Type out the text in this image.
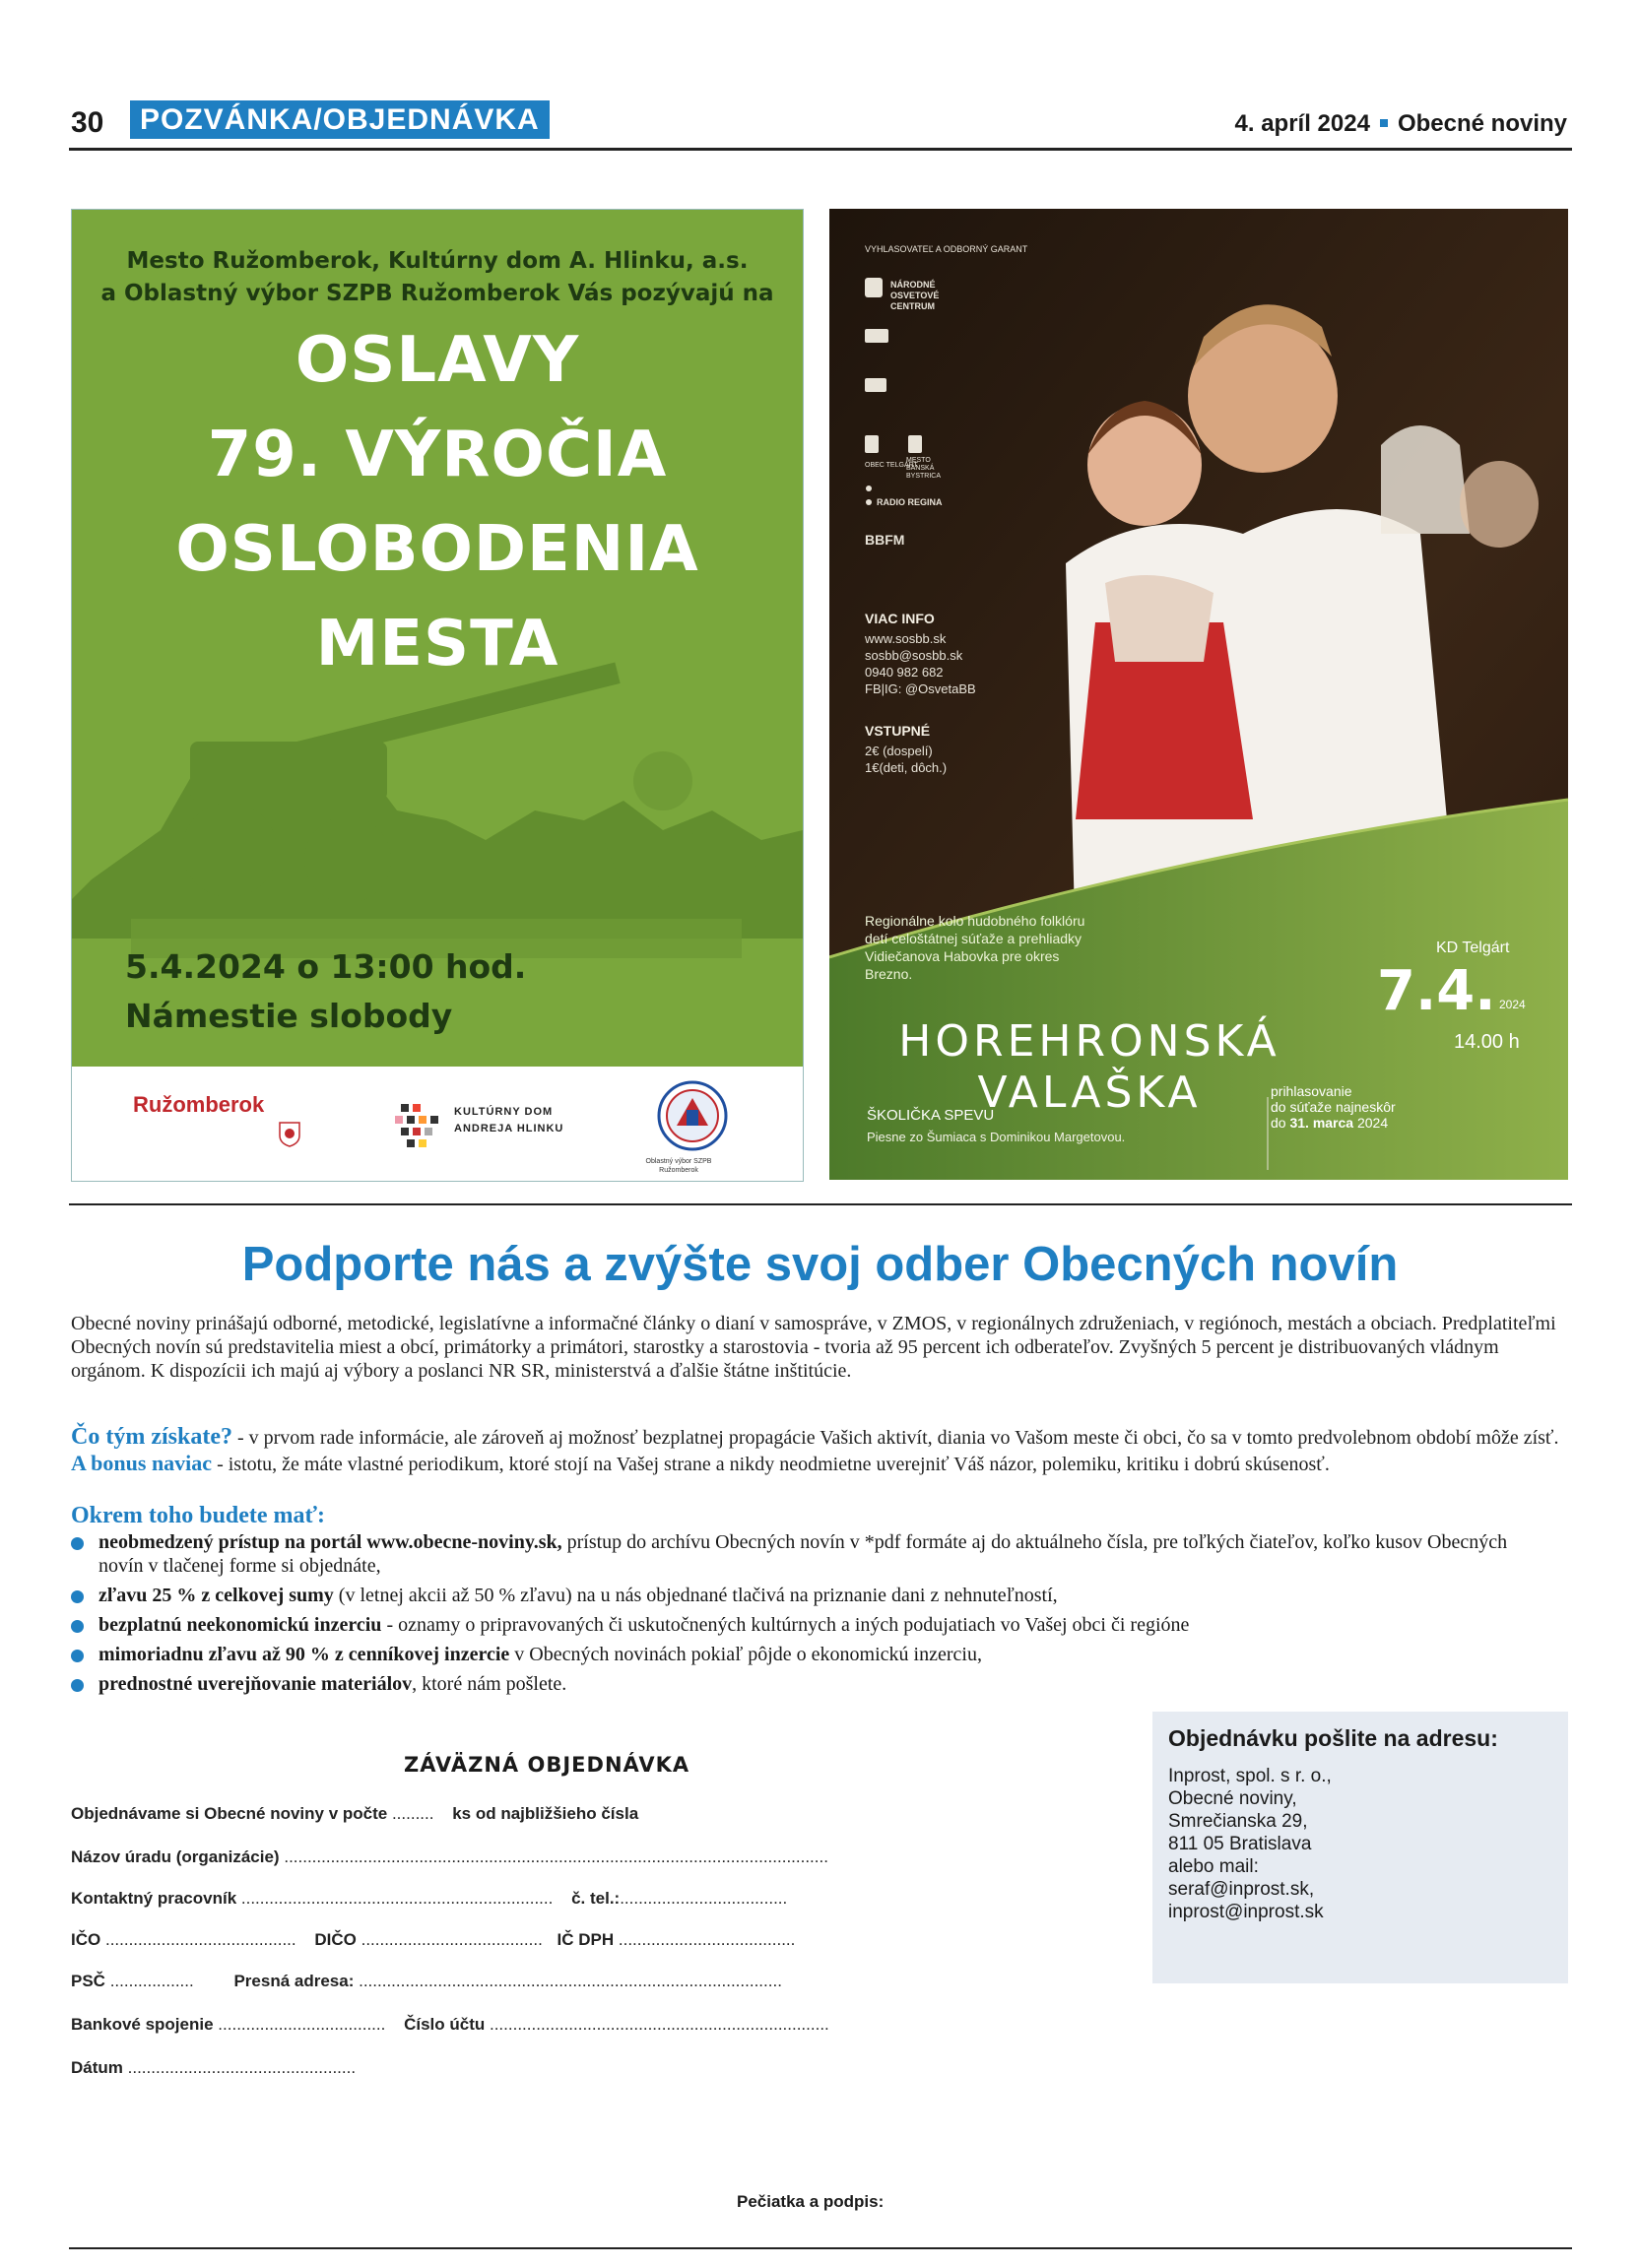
30	POZVÁNKA/OBJEDNÁVKA	4. apríl 2024 Obecné noviny
Mesto Ružomberok, Kultúrny dom A. Hlinku, a.s.
a Oblastný výbor SZPB Ružomberok Vás pozývajú na
OSLAVY
79. VÝROČIA
OSLOBODENIA
MESTA
5.4.2024 o 13:00 hod.
Námestie slobody
Ružomberok	KULTÚRNY DOM
ANDREJA HLINKU
Oblastný výbor SZPB
Ružomberok
VYHLASOVATEĽ A ODBORNÝ GARANT
NÁRODNÉ OSVETOVÉ CENTRUM
OBEC TELGÁRT
MESTO BANSKÁ BYSTRICA
RADIO REGINA
BBFM
VIAC INFO
www.sosbb.sk
sosbb@sosbb.sk
0940 982 682
FB|IG: @OsvetaBB
VSTUPNÉ
2€ (dospelí)
1€(deti, dôch.)
Regionálne kolo hudobného folklóru detí celoštátnej súťaže a prehliadky Vidiečanova Habovka pre okres Brezno.
KD Telgárt
7.4. 2024
14.00 h
HOREHRONSKÁ
VALAŠKA
ŠKOLIČKA SPEVU
Piesne zo Šumiaca s Dominikou Margetovou.
prihlasovanie
do súťaže najneskôr
do 31. marca 2024
Podporte nás a zvýšte svoj odber Obecných novín
Obecné noviny prinášajú odborné, metodické, legislatívne a informačné články o dianí v samospráve, v ZMOS, v regionálnych združeniach, v regiónoch, mestách a obciach. Predplatiteľmi Obecných novín sú predstavitelia miest a obcí, primátorky a primátori, starostky a starostovia - tvoria až 95 percent ich odberateľov. Zvyšných 5 percent je distribuovaných vládnym orgánom. K dispozícii ich majú aj výbory a poslanci NR SR, ministerstvá a ďalšie štátne inštitúcie.
Čo tým získate? - v prvom rade informácie, ale zároveň aj možnosť bezplatnej propagácie Vašich aktivít, diania vo Vašom meste či obci, čo sa v tomto predvolebnom období môže zísť. A bonus naviac - istotu, že máte vlastné periodikum, ktoré stojí na Vašej strane a nikdy neodmietne uverejniť Váš názor, polemiku, kritiku i dobrú skúsenosť.
Okrem toho budete mať:
neobmedzený prístup na portál www.obecne-noviny.sk, prístup do archívu Obecných novín v *pdf formáte aj do aktuálneho čísla, pre toľkých čiateľov, koľko kusov Obecných novín v tlačenej forme si objednáte,
zľavu 25 % z celkovej sumy (v letnej akcii až 50 % zľavu) na u nás objednané tlačivá na priznanie dani z nehnuteľností,
bezplatnú neekonomickú inzerciu - oznamy o pripravovaných či uskutočnených kultúrnych a iných podujatiach vo Vašej obci či regióne
mimoriadnu zľavu až 90 % z cenníkovej inzercie v Obecných novinách pokiaľ pôjde o ekonomickú inzerciu,
prednostné uverejňovanie materiálov, ktoré nám pošlete.
Objednávku pošlite na adresu:
Inprost, spol. s r. o.,
Obecné noviny,
Smrečianska 29,
811 05 Bratislava
alebo mail:
seraf@inprost.sk,
inprost@inprost.sk
ZÁVÄZNÁ OBJEDNÁVKA
Objednávame si Obecné noviny v počte ......... ks od najbližšieho čísla
Názov úradu (organizácie) .....................................................................................................................
Kontaktný pracovník ................................................................... č. tel.:....................................
IČO ......................................... DIČO ....................................... IČ DPH ......................................
PSČ .................. Presná adresa: ...........................................................................................
Bankové spojenie .................................... Číslo účtu .........................................................................
Dátum .................................................
Pečiatka a podpis:
